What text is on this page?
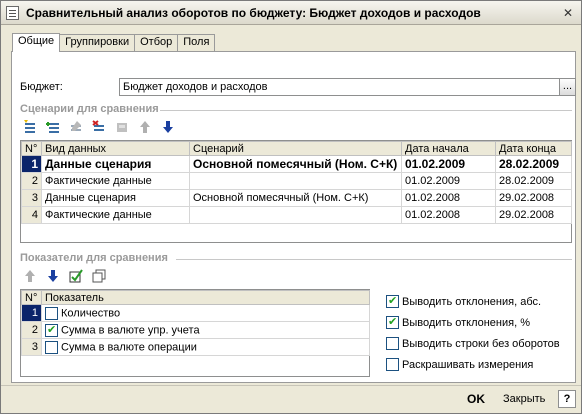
Сравнительный анализ оборотов по бюджету: Бюджет доходов и расходов	✕
Общие	Группировки	Отбор	Поля
Бюджет:	Бюджет доходов и расходов	...
Сценарии для сравнения
N°	Вид данных	Сценарий	Дата начала	Дата конца
1	Данные сценария	Основной помесячный (Ном. С+К)	01.02.2009	28.02.2009
2	Фактические данные		01.02.2009	28.02.2009
3	Данные сценария	Основной помесячный (Ном. С+К)	01.02.2008	29.02.2008
4	Фактические данные		01.02.2008	29.02.2008
Показатели для сравнения
N°	Показатель
1	Количество
2	✔Сумма в валюте упр. учета
3	Сумма в валюте операции
✔
Выводить отклонения, абс.
✔
Выводить отклонения, %
Выводить строки без оборотов
Раскрашивать измерения
OK Закрыть	?
